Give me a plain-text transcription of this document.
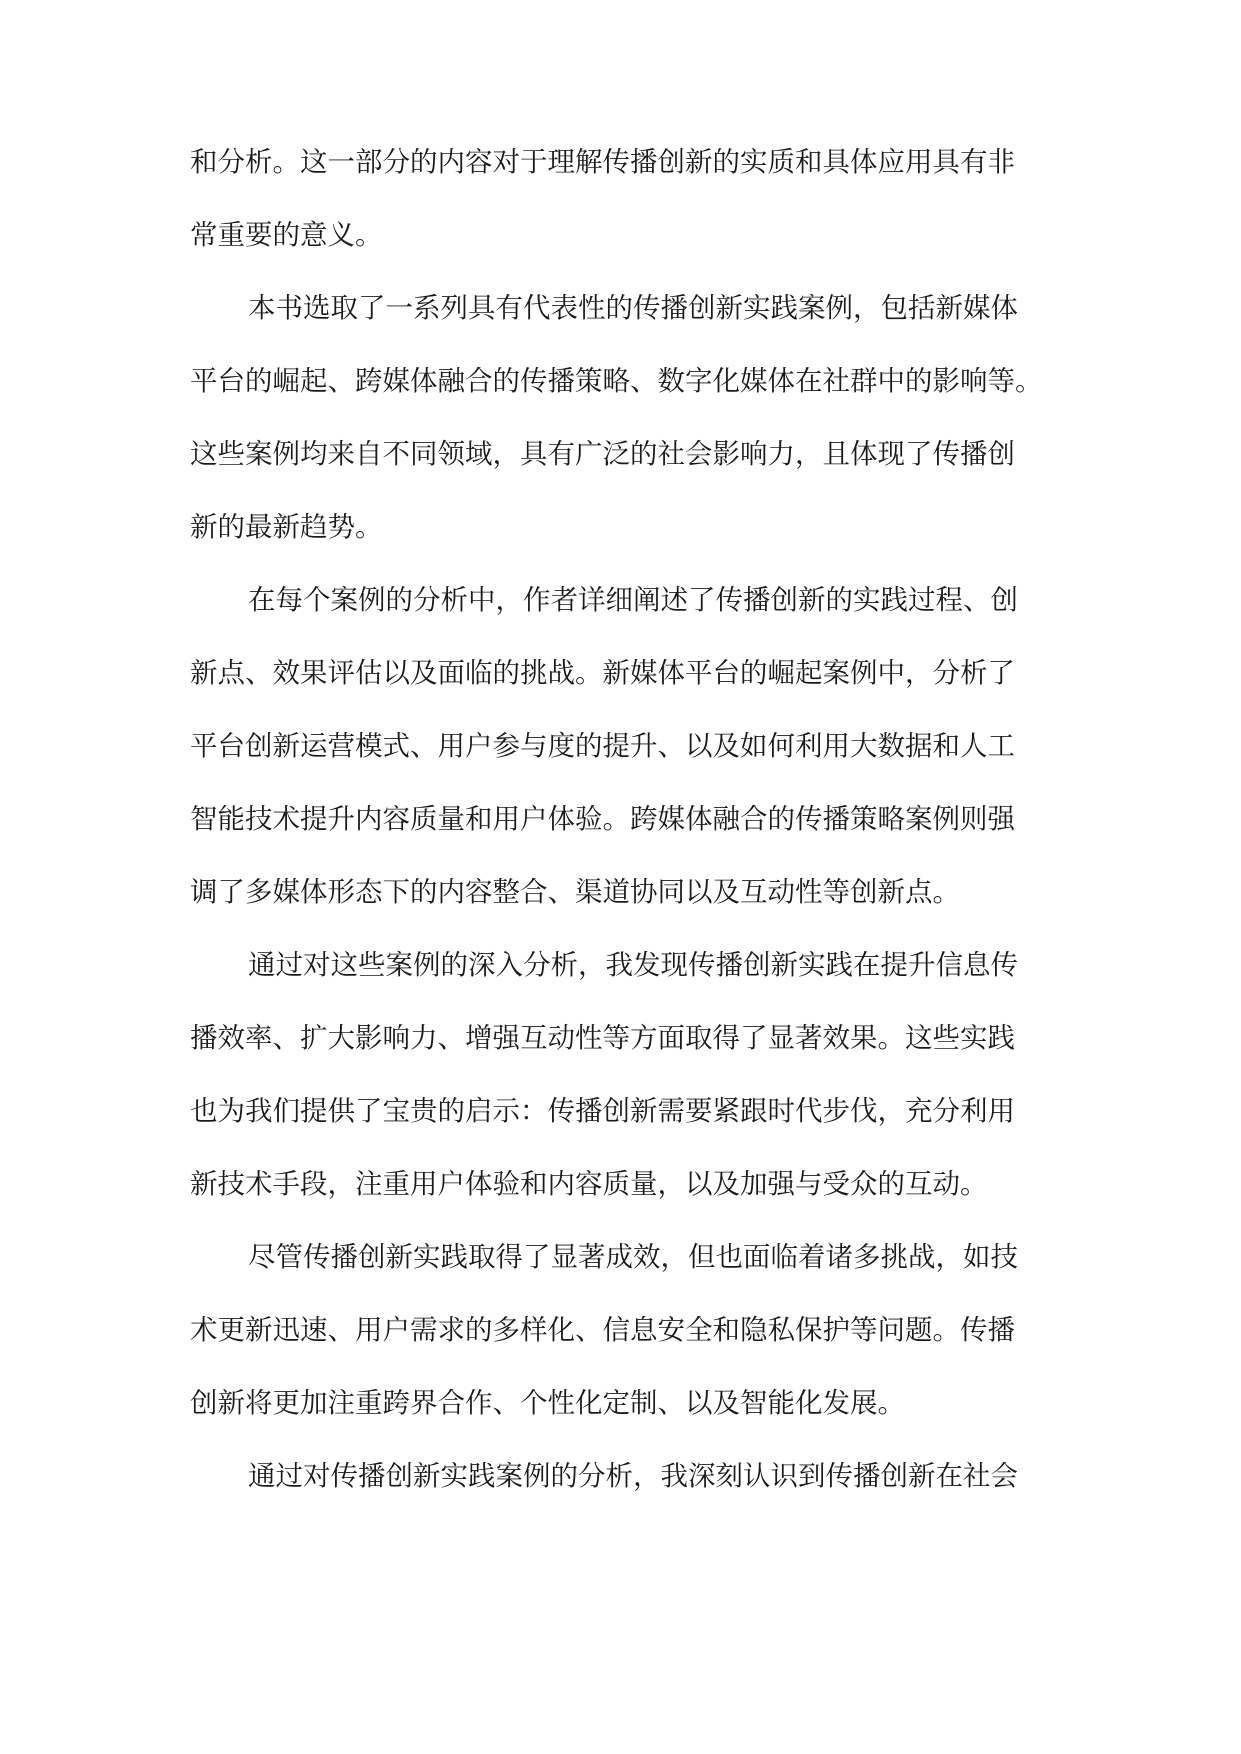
和分析。这一部分的内容对于理解传播创新的实质和具体应用具有非
常重要的意义。
本书选取了一系列具有代表性的传播创新实践案例，包括新媒体
平台的崛起、跨媒体融合的传播策略、数字化媒体在社群中的影响等。
这些案例均来自不同领域，具有广泛的社会影响力，且体现了传播创
新的最新趋势。
在每个案例的分析中，作者详细阐述了传播创新的实践过程、创
新点、效果评估以及面临的挑战。新媒体平台的崛起案例中，分析了
平台创新运营模式、用户参与度的提升、以及如何利用大数据和人工
智能技术提升内容质量和用户体验。跨媒体融合的传播策略案例则强
调了多媒体形态下的内容整合、渠道协同以及互动性等创新点。
通过对这些案例的深入分析，我发现传播创新实践在提升信息传
播效率、扩大影响力、增强互动性等方面取得了显著效果。这些实践
也为我们提供了宝贵的启示：传播创新需要紧跟时代步伐，充分利用
新技术手段，注重用户体验和内容质量，以及加强与受众的互动。
尽管传播创新实践取得了显著成效，但也面临着诸多挑战，如技
术更新迅速、用户需求的多样化、信息安全和隐私保护等问题。传播
创新将更加注重跨界合作、个性化定制、以及智能化发展。
通过对传播创新实践案例的分析，我深刻认识到传播创新在社会
